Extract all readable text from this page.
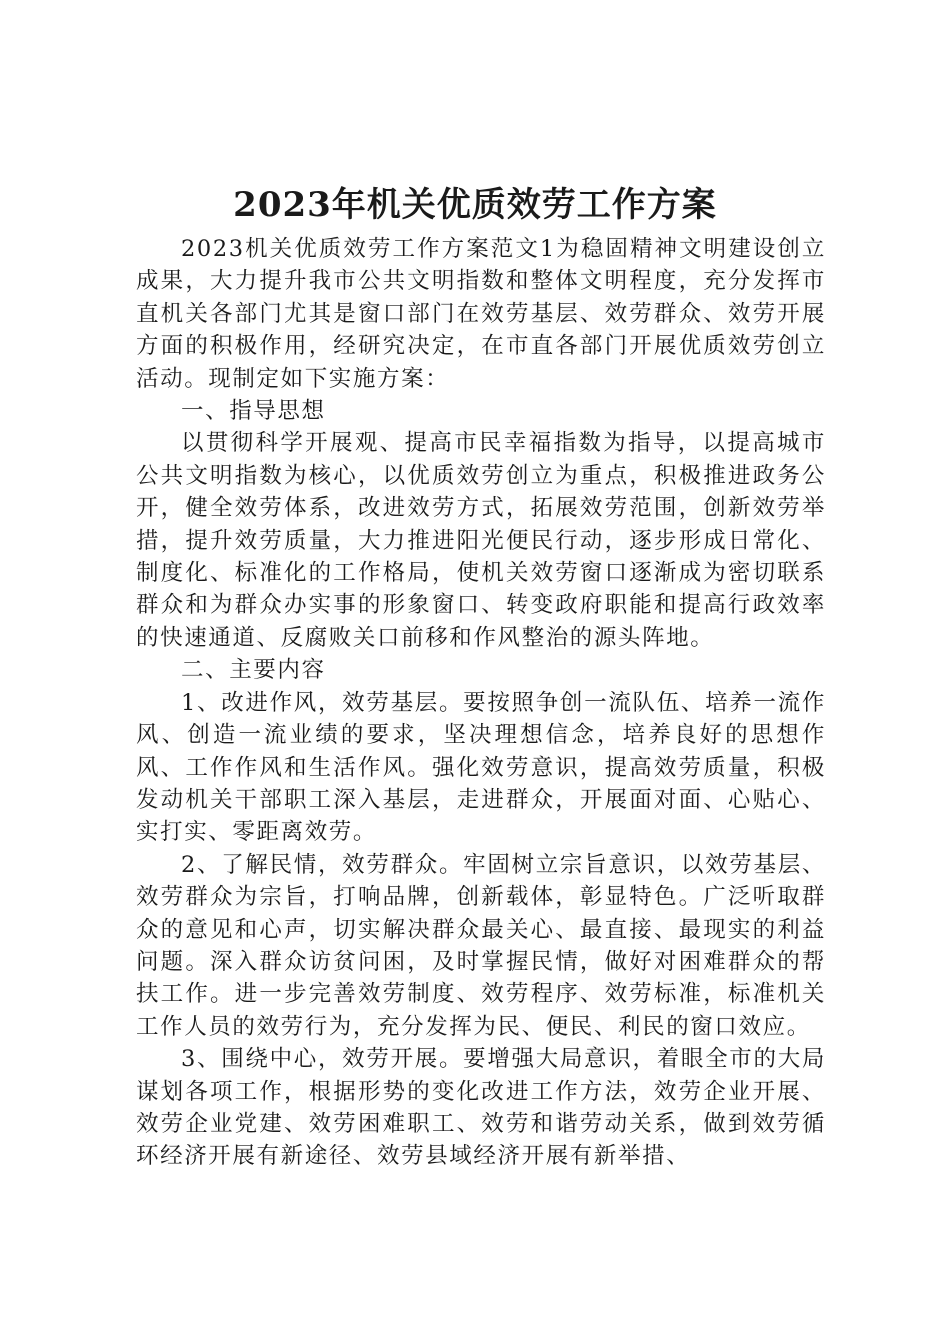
2023年机关优质效劳工作方案

2023机关优质效劳工作方案范文1为稳固精神文明建设创立成果，大力提升我市公共文明指数和整体文明程度，充分发挥市直机关各部门尤其是窗口部门在效劳基层、效劳群众、效劳开展方面的积极作用，经研究决定，在市直各部门开展优质效劳创立活动。现制定如下实施方案：

一、指导思想

以贯彻科学开展观、提高市民幸福指数为指导，以提高城市公共文明指数为核心，以优质效劳创立为重点，积极推进政务公开，健全效劳体系，改进效劳方式，拓展效劳范围，创新效劳举措，提升效劳质量，大力推进阳光便民行动，逐步形成日常化、制度化、标准化的工作格局，使机关效劳窗口逐渐成为密切联系群众和为群众办实事的形象窗口、转变政府职能和提高行政效率的快速通道、反腐败关口前移和作风整治的源头阵地。

二、主要内容

1、改进作风，效劳基层。要按照争创一流队伍、培养一流作风、创造一流业绩的要求，坚决理想信念，培养良好的思想作风、工作作风和生活作风。强化效劳意识，提高效劳质量，积极发动机关干部职工深入基层，走进群众，开展面对面、心贴心、实打实、零距离效劳。

2、了解民情，效劳群众。牢固树立宗旨意识，以效劳基层、效劳群众为宗旨，打响品牌，创新载体，彰显特色。广泛听取群众的意见和心声，切实解决群众最关心、最直接、最现实的利益问题。深入群众访贫问困，及时掌握民情，做好对困难群众的帮扶工作。进一步完善效劳制度、效劳程序、效劳标准，标准机关工作人员的效劳行为，充分发挥为民、便民、利民的窗口效应。

3、围绕中心，效劳开展。要增强大局意识，着眼全市的大局谋划各项工作，根据形势的变化改进工作方法，效劳企业开展、效劳企业党建、效劳困难职工、效劳和谐劳动关系，做到效劳循环经济开展有新途径、效劳县域经济开展有新举措、
